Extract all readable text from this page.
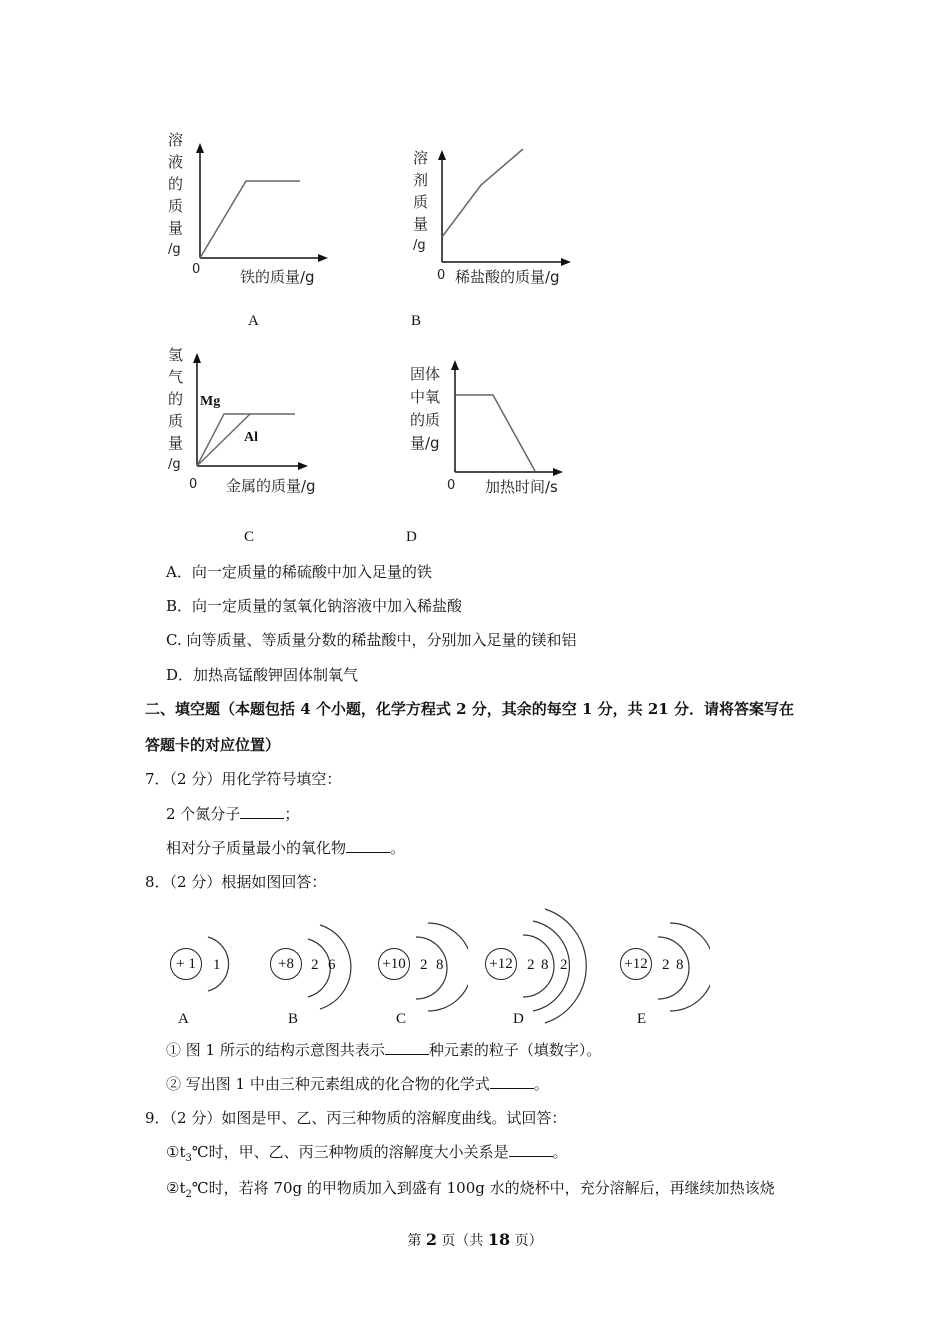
溶
液
的
质
量
/g
0	铁的质量/g
A
溶
剂
质
量
/g
0 稀盐酸的质量/g
B
氢
气
的
质
量
/g
Mg
Al
0 金属的质量/g
C
固体
中氧
的质
量/g
0 加热时间/s
D
A．向一定质量的稀硫酸中加入足量的铁
B．向一定质量的氢氧化钠溶液中加入稀盐酸
C. 向等质量、等质量分数的稀盐酸中，分别加入足量的镁和铝
D．加热高锰酸钾固体制氧气
二、填空题（本题包括 4 个小题，化学方程式 2 分，其余的每空 1 分，共 21 分．请将答案写在
答题卡的对应位置）
7．（2 分）用化学符号填空：
2 个氮分子	；
相对分子质量最小的氧化物	。
8．（2 分）根据如图回答：
+ 1	1
A
+8	2 6
B
+10 2 8
C
+12 2 8 2
D
+12 2 8
E
① 图 1 所示的结构示意图共表示	种元素的粒子（填数字）。
② 写出图 1 中由三种元素组成的化合物的化学式	。
9．（2 分）如图是甲、乙、丙三种物质的溶解度曲线。试回答：
$①t_3℃$时，甲、乙、丙三种物质的溶解度大小关系是	。
$②t_2℃$时，若将 70g 的甲物质加入到盛有 100g 水的烧杯中，充分溶解后，再继续加热该烧
第 2 页（共 18 页）
